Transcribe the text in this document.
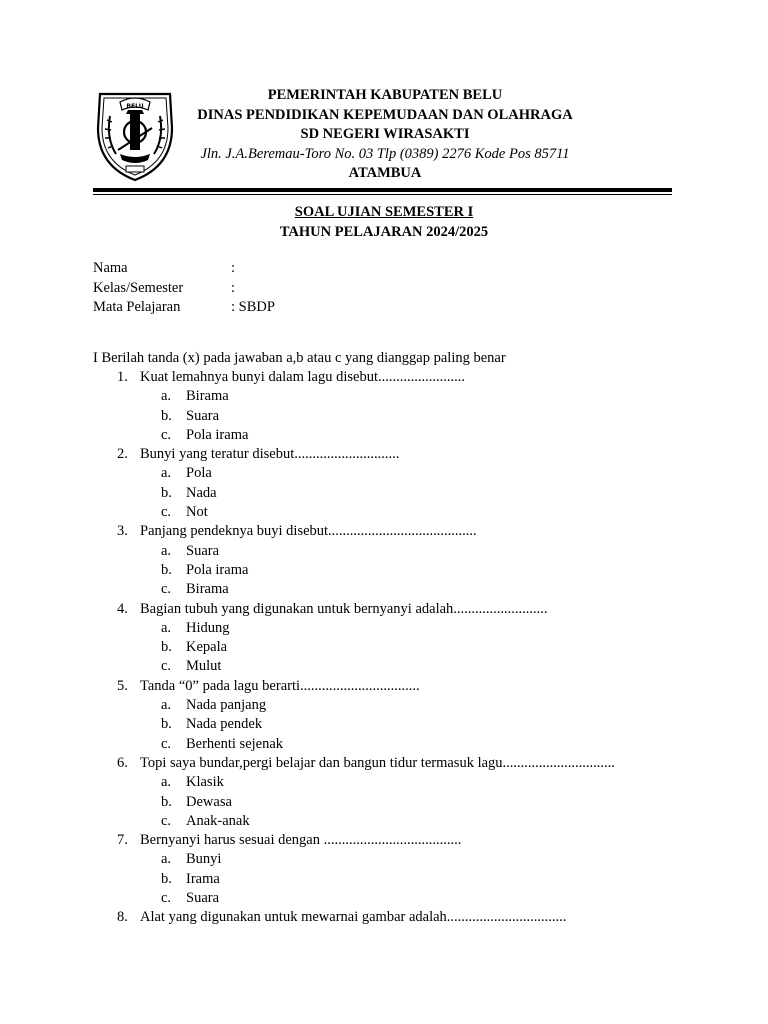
BELU
PEMERINTAH KABUPATEN BELU
DINAS PENDIDIKAN KEPEMUDAAN DAN OLAHRAGA
SD NEGERI WIRASAKTI
Jln. J.A.Beremau-Toro No. 03 Tlp (0389) 2276 Kode Pos 85711
ATAMBUA
SOAL UJIAN SEMESTER I
TAHUN PELAJARAN 2024/2025
Nama	:
Kelas/Semester	:
Mata Pelajaran	: SBDP
I Berilah tanda (x) pada jawaban a,b atau c yang dianggap paling benar
1. Kuat lemahnya bunyi dalam lagu disebut........................
a. Birama
b. Suara
c. Pola irama
2. Bunyi yang teratur disebut.............................
a. Pola
b. Nada
c. Not
3. Panjang pendeknya buyi disebut.........................................
a. Suara
b. Pola irama
c. Birama
4. Bagian tubuh yang digunakan untuk bernyanyi adalah..........................
a. Hidung
b. Kepala
c. Mulut
5. Tanda “0” pada lagu berarti.................................
a. Nada panjang
b. Nada pendek
c. Berhenti sejenak
6. Topi saya bundar,pergi belajar dan bangun tidur termasuk lagu...............................
a. Klasik
b. Dewasa
c. Anak-anak
7. Bernyanyi harus sesuai dengan ......................................
a. Bunyi
b. Irama
c. Suara
8. Alat yang digunakan untuk mewarnai gambar adalah.................................
